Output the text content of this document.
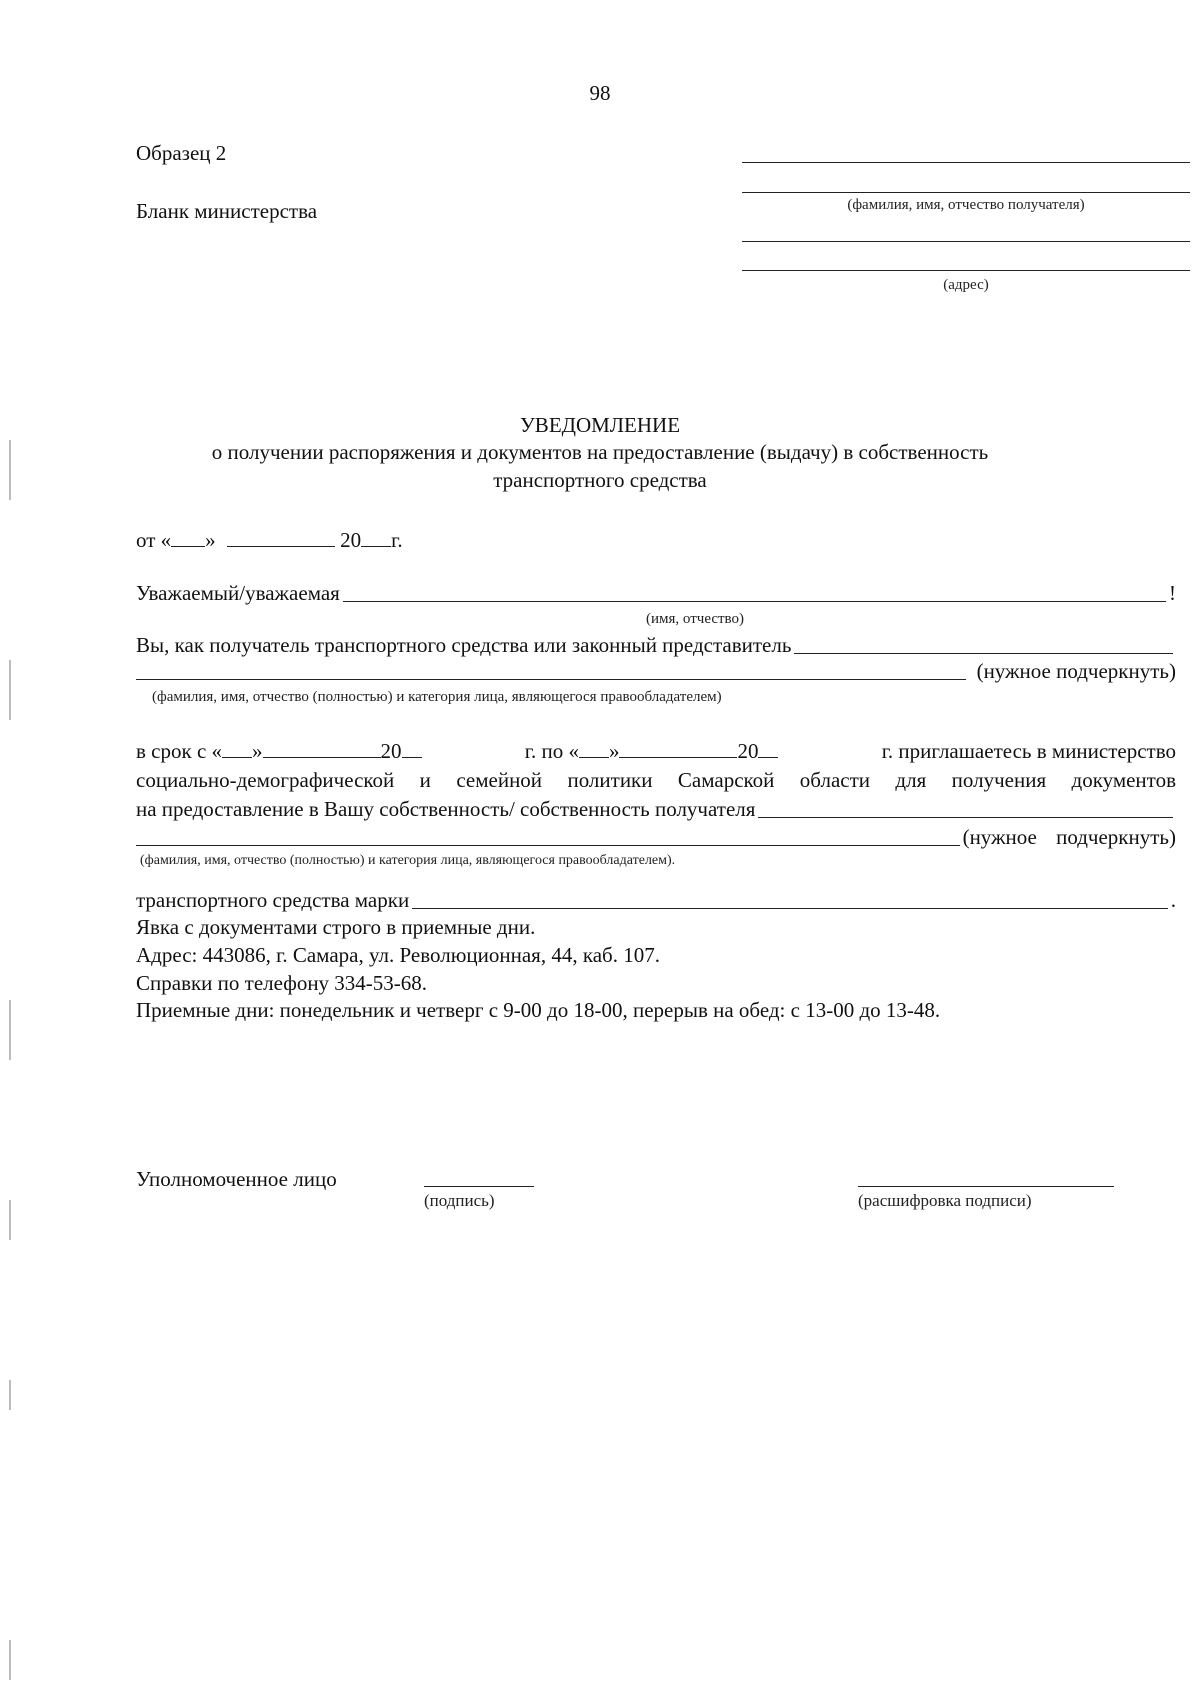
98
Образец 2
Бланк министерства	(фамилия, имя, отчество получателя)
(адрес)
УВЕДОМЛЕНИЕ
о получении распоряжения и документов на предоставление (выдачу) в собственность
транспортного средства
от « »	20 г.
Уважаемый/уважаемая	!
(имя, отчество)
Вы, как получатель транспортного средства или законный представитель
(нужное подчеркнуть)
(фамилия, имя, отчество (полностью) и категория лица, являющегося правообладателем)
в срок с « »	20	г. по « »	20	г. приглашаетесь в министерство
социально-демографической и семейной политики Самарской области для получения документов
на предоставление в Вашу собственность/ собственность получателя
(нужное подчеркнуть)
(фамилия, имя, отчество (полностью) и категория лица, являющегося правообладателем).
транспортного средства марки	.
Явка с документами строго в приемные дни.
Адрес: 443086, г. Самара, ул. Революционная, 44, каб. 107.
Справки по телефону 334-53-68.
Приемные дни: понедельник и четверг с 9-00 до 18-00, перерыв на обед: с 13-00 до 13-48.
Уполномоченное лицо
(подпись)	(расшифровка подписи)
